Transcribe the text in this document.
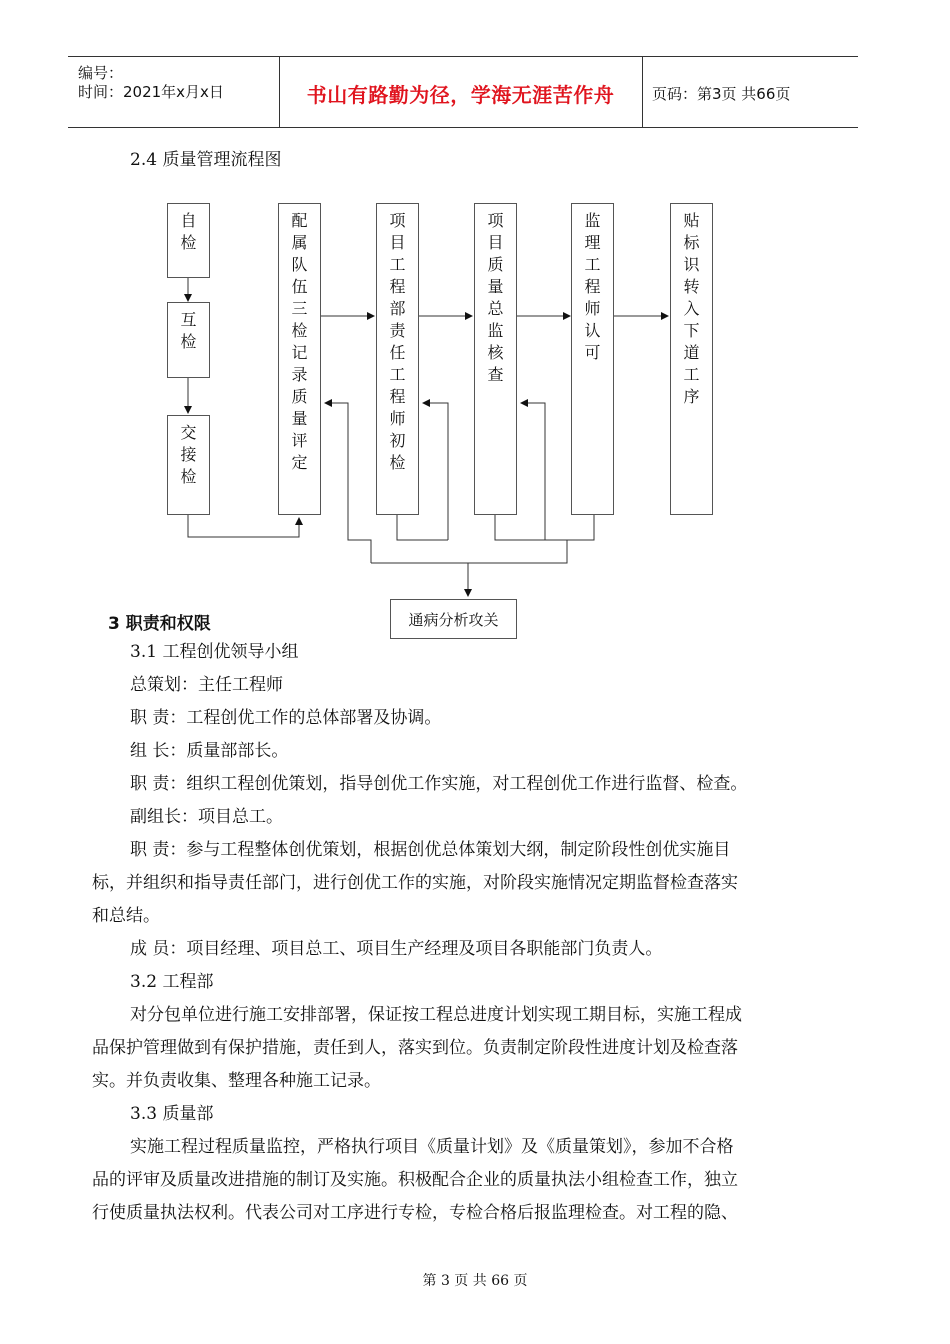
编号：
时间：2021年x月x日	书山有路勤为径，学海无涯苦作舟	页码：第3页 共66页
2.4 质量管理流程图
自
检
互
检
交
接
检
配
属
队
伍
三
检
记
录
质
量
评
定
项
目
工
程
部
责
任
工
程
师
初
检
项
目
质
量
总
监
核
查
监
理
工
程
师
认
可
贴
标
识
转
入
下
道
工
序
通病分析攻关
3 职责和权限
3.1 工程创优领导小组
总策划：主任工程师
职 责：工程创优工作的总体部署及协调。
组 长：质量部部长。
职 责：组织工程创优策划，指导创优工作实施，对工程创优工作进行监督、检查。
副组长：项目总工。
职 责：参与工程整体创优策划，根据创优总体策划大纲，制定阶段性创优实施目
标，并组织和指导责任部门，进行创优工作的实施，对阶段实施情况定期监督检查落实
和总结。
成 员：项目经理、项目总工、项目生产经理及项目各职能部门负责人。
3.2 工程部
对分包单位进行施工安排部署，保证按工程总进度计划实现工期目标，实施工程成
品保护管理做到有保护措施，责任到人，落实到位。负责制定阶段性进度计划及检查落
实。并负责收集、整理各种施工记录。
3.3 质量部
实施工程过程质量监控，严格执行项目《质量计划》及《质量策划》，参加不合格
品的评审及质量改进措施的制订及实施。积极配合企业的质量执法小组检查工作，独立
行使质量执法权利。代表公司对工序进行专检，专检合格后报监理检查。对工程的隐、
第 3 页 共 66 页
